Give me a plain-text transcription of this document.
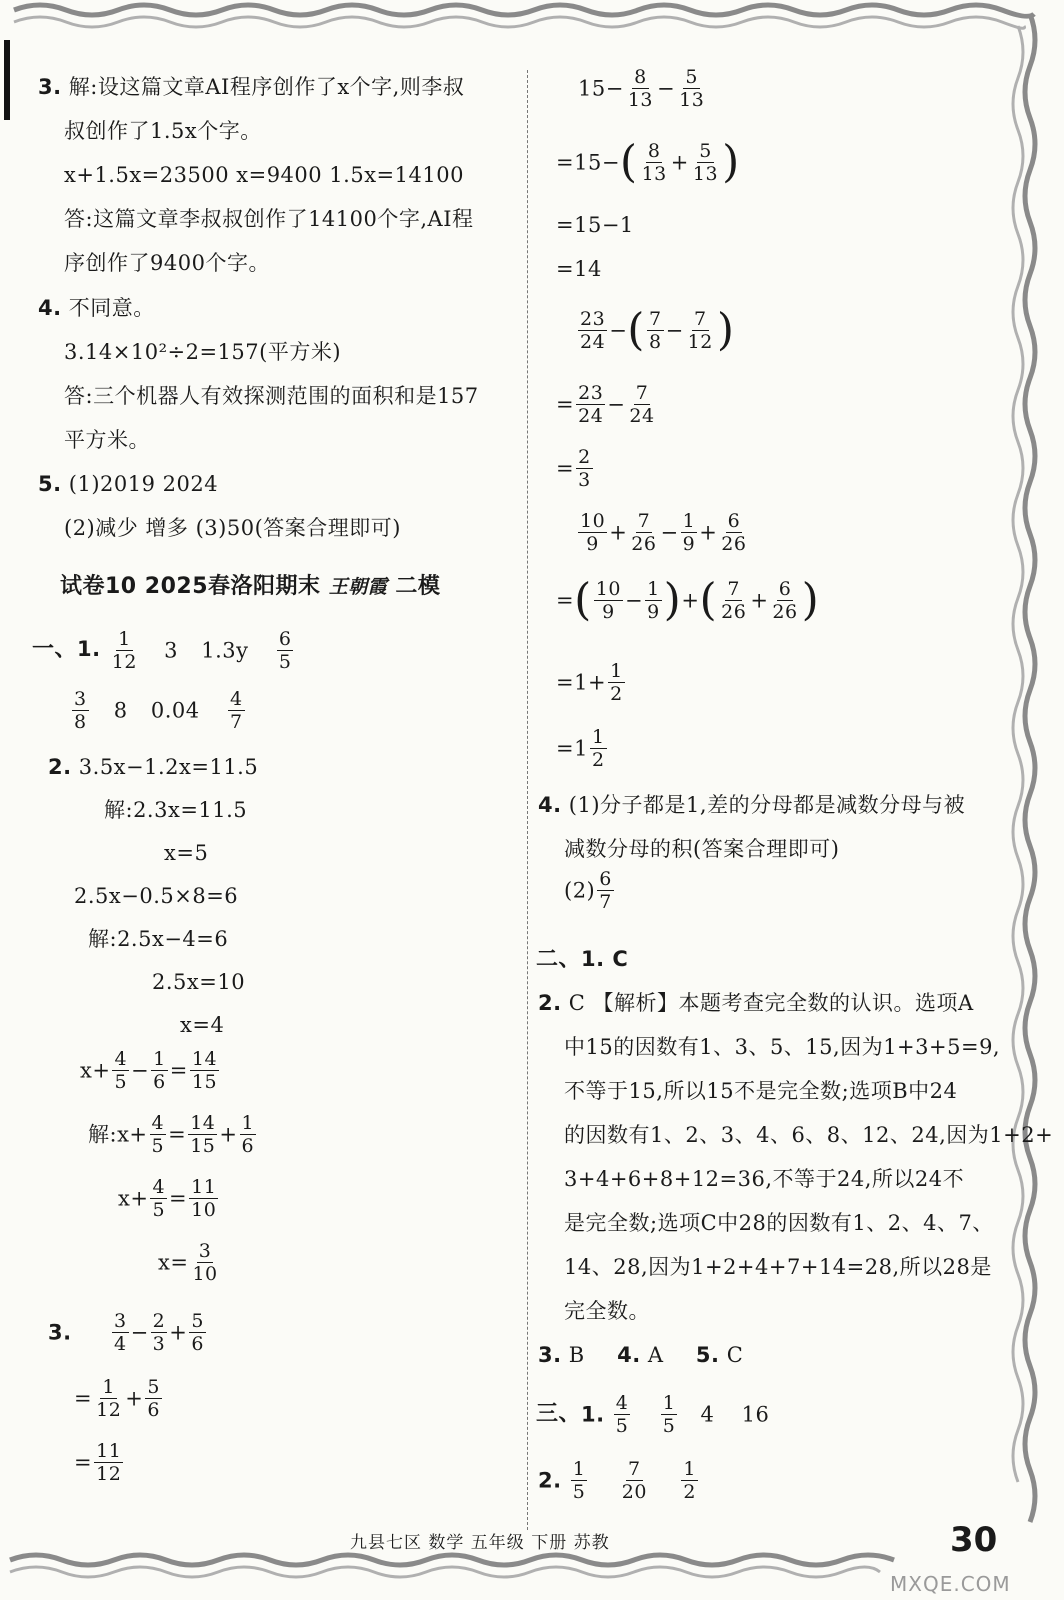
3. 解:设这篇文章AI程序创作了x个字,则李叔
叔创作了1.5x个字。
x+1.5x=23500 x=9400 1.5x=14100
答:这篇文章李叔叔创作了14100个字,AI程
序创作了9400个字。
4. 不同意。
3.14×10²÷2=157(平方米)
答:三个机器人有效探测范围的面积和是157
平方米。
5. (1)2019 2024
(2)减少 增多 (3)50(答案合理即可)
试卷10 2025春洛阳期末 王朝霞 二模
一、1. $\frac{1}{12} 3$ $1.3y \frac{6}{5}$
$\frac{3}{8} 8$ $0.04 \frac{4}{7}$
2. 3.5x−1.2x=11.5
解:2.3x=11.5
x=5
2.5x−0.5×8=6
解:2.5x−4=6
2.5x=10
x=4
$x+ \frac{4}{5} - \frac{1}{6} = \frac{14}{15}$
解:x+ $\frac{4}{5} = \frac{14}{15} + \frac{1}{6}$
$x+ \frac{4}{5} = \frac{11}{10}$
$x= \frac{3}{10}$
3. $\frac{3}{4} - \frac{2}{3} + \frac{5}{6}$
= $\frac{1}{12} + \frac{5}{6}$
= $\frac{11}{12}$
$15- \frac{8}{13} - \frac{5}{13}$
$=15-( \frac{8}{13} + \frac{5}{13}$ )
=15−1
=14
$\frac{23}{24}$ −( $\frac{7}{8} - \frac{7}{12}$ )
= $\frac{23}{24} - \frac{7}{24}$
= $\frac{2}{3}$
$\frac{10}{9} + \frac{7}{26} - \frac{1}{9} + \frac{6}{26}$
=( $\frac{10}{9} - \frac{1}{9}$ )+( $\frac{7}{26} + \frac{6}{26}$ )
$=1+ \frac{1}{2}$
$=1 \frac{1}{2}$
4. (1)分子都是1,差的分母都是减数分母与被
减数分母的积(答案合理即可)
$(2) \frac{6}{7}$
二、1. C
2. C 【解析】本题考查完全数的认识。选项A
中15的因数有1、3、5、15,因为1+3+5=9,
不等于15,所以15不是完全数;选项B中24
的因数有1、2、3、4、6、8、12、24,因为1+2+
3+4+6+8+12=36,不等于24,所以24不
是完全数;选项C中28的因数有1、2、4、7、
14、28,因为1+2+4+7+14=28,所以28是
完全数。
3. B 4. A 5. C
三、1. $\frac{4}{5}$
$\frac{1}{5} 4$ 16
2. $\frac{1}{5}$
$\frac{7}{20}$
$\frac{1}{2}$
九县七区 数学 五年级 下册 苏教	30
MXQE.COM
